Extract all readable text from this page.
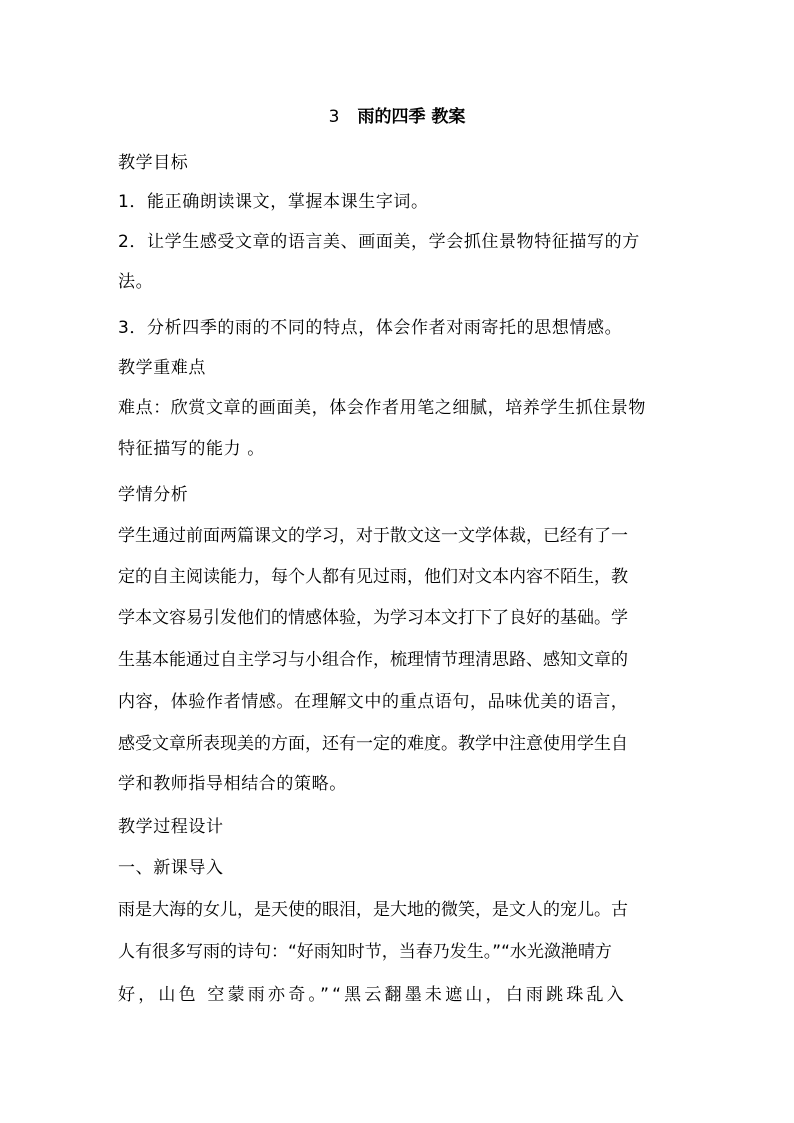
3 雨的四季 教案
教学目标
1．能正确朗读课文，掌握本课生字词。
2．让学生感受文章的语言美、画面美，学会抓住景物特征描写的方
法。
3．分析四季的雨的不同的特点，体会作者对雨寄托的思想情感。
教学重难点
难点：欣赏文章的画面美，体会作者用笔之细腻，培养学生抓住景物
特征描写的能力 。
学情分析
学生通过前面两篇课文的学习，对于散文这一文学体裁，已经有了一
定的自主阅读能力，每个人都有见过雨，他们对文本内容不陌生，教
学本文容易引发他们的情感体验，为学习本文打下了良好的基础。学
生基本能通过自主学习与小组合作，梳理情节理清思路、感知文章的
内容，体验作者情感。在理解文中的重点语句，品味优美的语言，
感受文章所表现美的方面，还有一定的难度。教学中注意使用学生自
学和教师指导相结合的策略。
教学过程设计
一、新课导入
雨是大海的女儿，是天使的眼泪，是大地的微笑，是文人的宠儿。古
人有很多写雨的诗句：“好雨知时节，当春乃发生。”“水光潋滟晴方
好，山色 空蒙雨亦奇。”“黑云翻墨未遮山，白雨跳珠乱入
